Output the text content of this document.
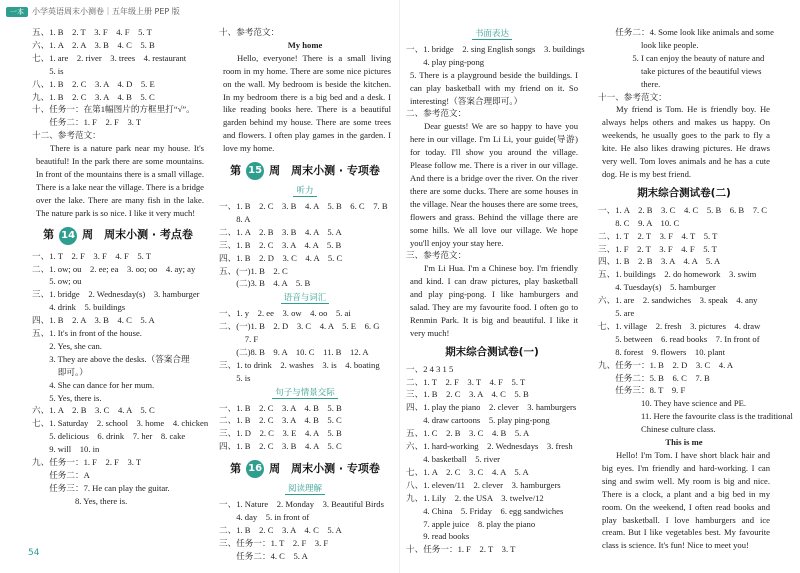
一本	小学英语周末小测卷｜五年级上册 PEP 版
五、1. B　2. T　3. F　4. F　5. T
六、1. A　2. A　3. B　4. C　5. B
七、1. are　2. river　3. trees　4. restaurant
　　5. is
八、1. B　2. C　3. A　4. D　5. E
九、1. B　2. C　3. A　4. B　5. C
十、任务一：在第1幅图片的方框里打“√”。
　　任务二：1. F　2. F　3. T
十二、参考范文：
There is a nature park near my house. It's beautiful! In the park there are some mountains. In front of the mountains there is a small village. There is a lake near the village. There is a bridge over the lake. There are many fish in the lake. The nature park is so nice. I like it very much!
第 14 周　周末小测 · 考点卷
一、1. T　2. F　3. F　4. F　5. T
二、1. ow; ou　2. ee; ea　3. oo; oo　4. ay; ay
　　5. ow; ou
三、1. bridge　2. Wednesday(s)　3. hamburger
　　4. drink　5. buildings
四、1. B　2. A　3. B　4. C　5. A
五、1. It's in front of the house.
　　2. Yes, she can.
　　3. They are above the desks.（答案合理
　　　即可。）
　　4. She can dance for her mum.
　　5. Yes, there is.
六、1. A　2. B　3. C　4. A　5. C
七、1. Saturday　2. school　3. home　4. chicken
　　5. delicious　6. drink　7. her　8. cake
　　9. will　10. in
九、任务一：1. F　2. F　3. T
　　任务二：A
　　任务三：7. He can play the guitar.
　　　　　8. Yes, there is.
十、参考范文：
My home
Hello, everyone! There is a small living room in my home. There are some nice pictures on the wall. My bedroom is beside the kitchen. In my bedroom there is a big bed and a desk. I like reading books here. There is a beautiful garden behind my house. There are some trees and flowers. I often play games in the garden. I love my home.
第 15 周　周末小测 · 专项卷
听力
一、1. B　2. C　3. B　4. A　5. B　6. C　7. B
　　8. A
二、1. A　2. B　3. B　4. A　5. A
三、1. B　2. C　3. A　4. A　5. B
四、1. B　2. D　3. C　4. A　5. C
五、(一)1. B　2. C
　　(二)3. B　4. A　5. B
语音与词汇
一、1. y　2. ee　3. ow　4. oo　5. ai
二、(一)1. B　2. D　3. C　4. A　5. E　6. G
　　　7. F
　　(二)8. B　9. A　10. C　11. B　12. A
三、1. to drink　2. washes　3. is　4. boating
　　5. is
句子与情景交际
一、1. B　2. C　3. A　4. B　5. B
二、1. B　2. C　3. A　4. B　5. C
三、1. D　2. C　3. E　4. A　5. B
四、1. B　2. C　3. B　4. A　5. C
第 16 周　周末小测 · 专项卷
阅读理解
一、1. Nature　2. Monday　3. Beautiful Birds
　　4. day　5. in front of
二、1. B　2. C　3. A　4. C　5. A
三、任务一：1. T　2. F　3. F
　　任务二：4. C　5. A
书面表达
一、1. bridge　2. sing English songs　3. buildings
　　4. play ping-pong
5. There is a playground beside the buildings. I can play basketball with my friend on it. So interesting!（答案合理即可。）
二、参考范文：
Dear guests! We are so happy to have you here in our village. I'm Li Li, your guide(导游) for today. I'll show you around the village. Please follow me. There is a river in our village. And there is a bridge over the river. On the river there are some ducks. There are some houses in the village. Near the houses there are some trees, flowers and grass. Behind the village there are some hills. We all love our village. We hope you'll enjoy your stay here.
三、参考范文：
I'm Li Hua. I'm a Chinese boy. I'm friendly and kind. I can draw pictures, play basketball and play ping-pong. I like hamburgers and salad. They are my favourite food. I often go to Renmin Park. It is big and beautiful. I like it very much!
期末综合测试卷(一)
一、2 4 3 1 5
二、1. T　2. F　3. T　4. F　5. T
三、1. B　2. C　3. A　4. C　5. B
四、1. play the piano　2. clever　3. hamburgers
　　4. draw cartoons　5. play ping-pong
五、1. C　2. B　3. C　4. B　5. A
六、1. hard-working　2. Wednesdays　3. fresh
　　4. basketball　5. river
七、1. A　2. C　3. C　4. A　5. A
八、1. eleven/11　2. clever　3. hamburgers
九、1. Lily　2. the USA　3. twelve/12
　　4. China　5. Friday　6. egg sandwiches
　　7. apple juice　8. play the piano
　　9. read books
十、任务一：1. F　2. T　3. T
　　任务二：4. Some look like animals and some
　　　　　look like people.
　　　　5. I can enjoy the beauty of nature and
　　　　　take pictures of the beautiful views
　　　　　there.
十一、参考范文：
My friend is Tom. He is friendly boy. He always helps others and makes us happy. On weekends, he usually goes to the park to fly a kite. He also likes drawing pictures. He draws very well. Tom loves animals and he has a cute dog. He is my best friend.
期末综合测试卷(二)
一、1. A　2. B　3. C　4. C　5. B　6. B　7. C
　　8. C　9. A　10. C
二、1. T　2. T　3. F　4. T　5. T
三、1. F　2. T　3. F　4. F　5. T
四、1. B　2. B　3. A　4. A　5. A
五、1. buildings　2. do homework　3. swim
　　4. Tuesday(s)　5. hamburger
六、1. are　2. sandwiches　3. speak　4. any
　　5. are
七、1. village　2. fresh　3. pictures　4. draw
　　5. between　6. read books　7. In front of
　　8. forest　9. flowers　10. plant
九、任务一：1. B　2. D　3. C　4. A
　　任务二：5. B　6. C　7. B
　　任务三：8. T　9. F
　　　　　10. They have science and PE.
　　　　　11. Here the favourite class is the traditional
　　　　　Chinese culture class.
This is me
Hello! I'm Tom. I have short black hair and big eyes. I'm friendly and hard-working. I can sing and swim well. My room is big and nice. There is a clock, a plant and a big bed in my room. On the weekend, I often read books and play basketball. I love hamburgers and ice cream. But I like vegetables best. My favourite class is science. It's fun! Nice to meet you!
54
